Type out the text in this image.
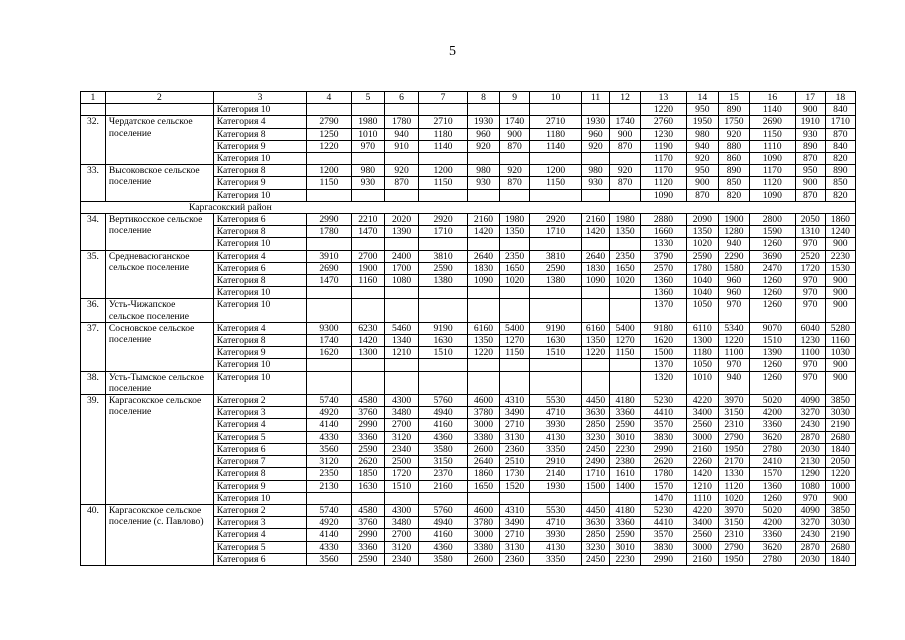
5
1	2	3	4	5	6	7	8	9	10	11	12	13	14	15	16	17	18
		Категория 10										1220	950	890	1140	900	840
32.	Чердатское сельское поселение	Категория 4	2790	1980	1780	2710	1930	1740	2710	1930	1740	2760	1950	1750	2690	1910	1710
		Категория 8	1250	1010	940	1180	960	900	1180	960	900	1230	980	920	1150	930	870
		Категория 9	1220	970	910	1140	920	870	1140	920	870	1190	940	880	1110	890	840
		Категория 10										1170	920	860	1090	870	820
33.	Высоковское сельское поселение	Категория 8	1200	980	920	1200	980	920	1200	980	920	1170	950	890	1170	950	890
		Категория 9	1150	930	870	1150	930	870	1150	930	870	1120	900	850	1120	900	850
		Категория 10										1090	870	820	1090	870	820
Каргасокский район																	
34.	Вертикосское сельское поселение	Категория 6	2990	2210	2020	2920	2160	1980	2920	2160	1980	2880	2090	1900	2800	2050	1860
		Категория 8	1780	1470	1390	1710	1420	1350	1710	1420	1350	1660	1350	1280	1590	1310	1240
		Категория 10										1330	1020	940	1260	970	900
35.	Средневасюганское сельское поселение	Категория 4	3910	2700	2400	3810	2640	2350	3810	2640	2350	3790	2590	2290	3690	2520	2230
		Категория 6	2690	1900	1700	2590	1830	1650	2590	1830	1650	2570	1780	1580	2470	1720	1530
		Категория 8	1470	1160	1080	1380	1090	1020	1380	1090	1020	1360	1040	960	1260	970	900
		Категория 10										1360	1040	960	1260	970	900
36.	Усть-Чижапское сельское поселение	Категория 10										1370	1050	970	1260	970	900
37.	Сосновское сельское поселение	Категория 4	9300	6230	5460	9190	6160	5400	9190	6160	5400	9180	6110	5340	9070	6040	5280
		Категория 8	1740	1420	1340	1630	1350	1270	1630	1350	1270	1620	1300	1220	1510	1230	1160
		Категория 9	1620	1300	1210	1510	1220	1150	1510	1220	1150	1500	1180	1100	1390	1100	1030
		Категория 10										1370	1050	970	1260	970	900
38.	Усть-Тымское сельское поселение	Категория 10										1320	1010	940	1260	970	900
39.	Каргасокское сельское поселение	Категория 2	5740	4580	4300	5760	4600	4310	5530	4450	4180	5230	4220	3970	5020	4090	3850
		Категория 3	4920	3760	3480	4940	3780	3490	4710	3630	3360	4410	3400	3150	4200	3270	3030
		Категория 4	4140	2990	2700	4160	3000	2710	3930	2850	2590	3570	2560	2310	3360	2430	2190
		Категория 5	4330	3360	3120	4360	3380	3130	4130	3230	3010	3830	3000	2790	3620	2870	2680
		Категория 6	3560	2590	2340	3580	2600	2360	3350	2450	2230	2990	2160	1950	2780	2030	1840
		Категория 7	3120	2620	2500	3150	2640	2510	2910	2490	2380	2620	2260	2170	2410	2130	2050
		Категория 8	2350	1850	1720	2370	1860	1730	2140	1710	1610	1780	1420	1330	1570	1290	1220
		Категория 9	2130	1630	1510	2160	1650	1520	1930	1500	1400	1570	1210	1120	1360	1080	1000
		Категория 10										1470	1110	1020	1260	970	900
40.	Каргасокское сельское поселение (с. Павлово)	Категория 2	5740	4580	4300	5760	4600	4310	5530	4450	4180	5230	4220	3970	5020	4090	3850
		Категория 3	4920	3760	3480	4940	3780	3490	4710	3630	3360	4410	3400	3150	4200	3270	3030
		Категория 4	4140	2990	2700	4160	3000	2710	3930	2850	2590	3570	2560	2310	3360	2430	2190
		Категория 5	4330	3360	3120	4360	3380	3130	4130	3230	3010	3830	3000	2790	3620	2870	2680
		Категория 6	3560	2590	2340	3580	2600	2360	3350	2450	2230	2990	2160	1950	2780	2030	1840
